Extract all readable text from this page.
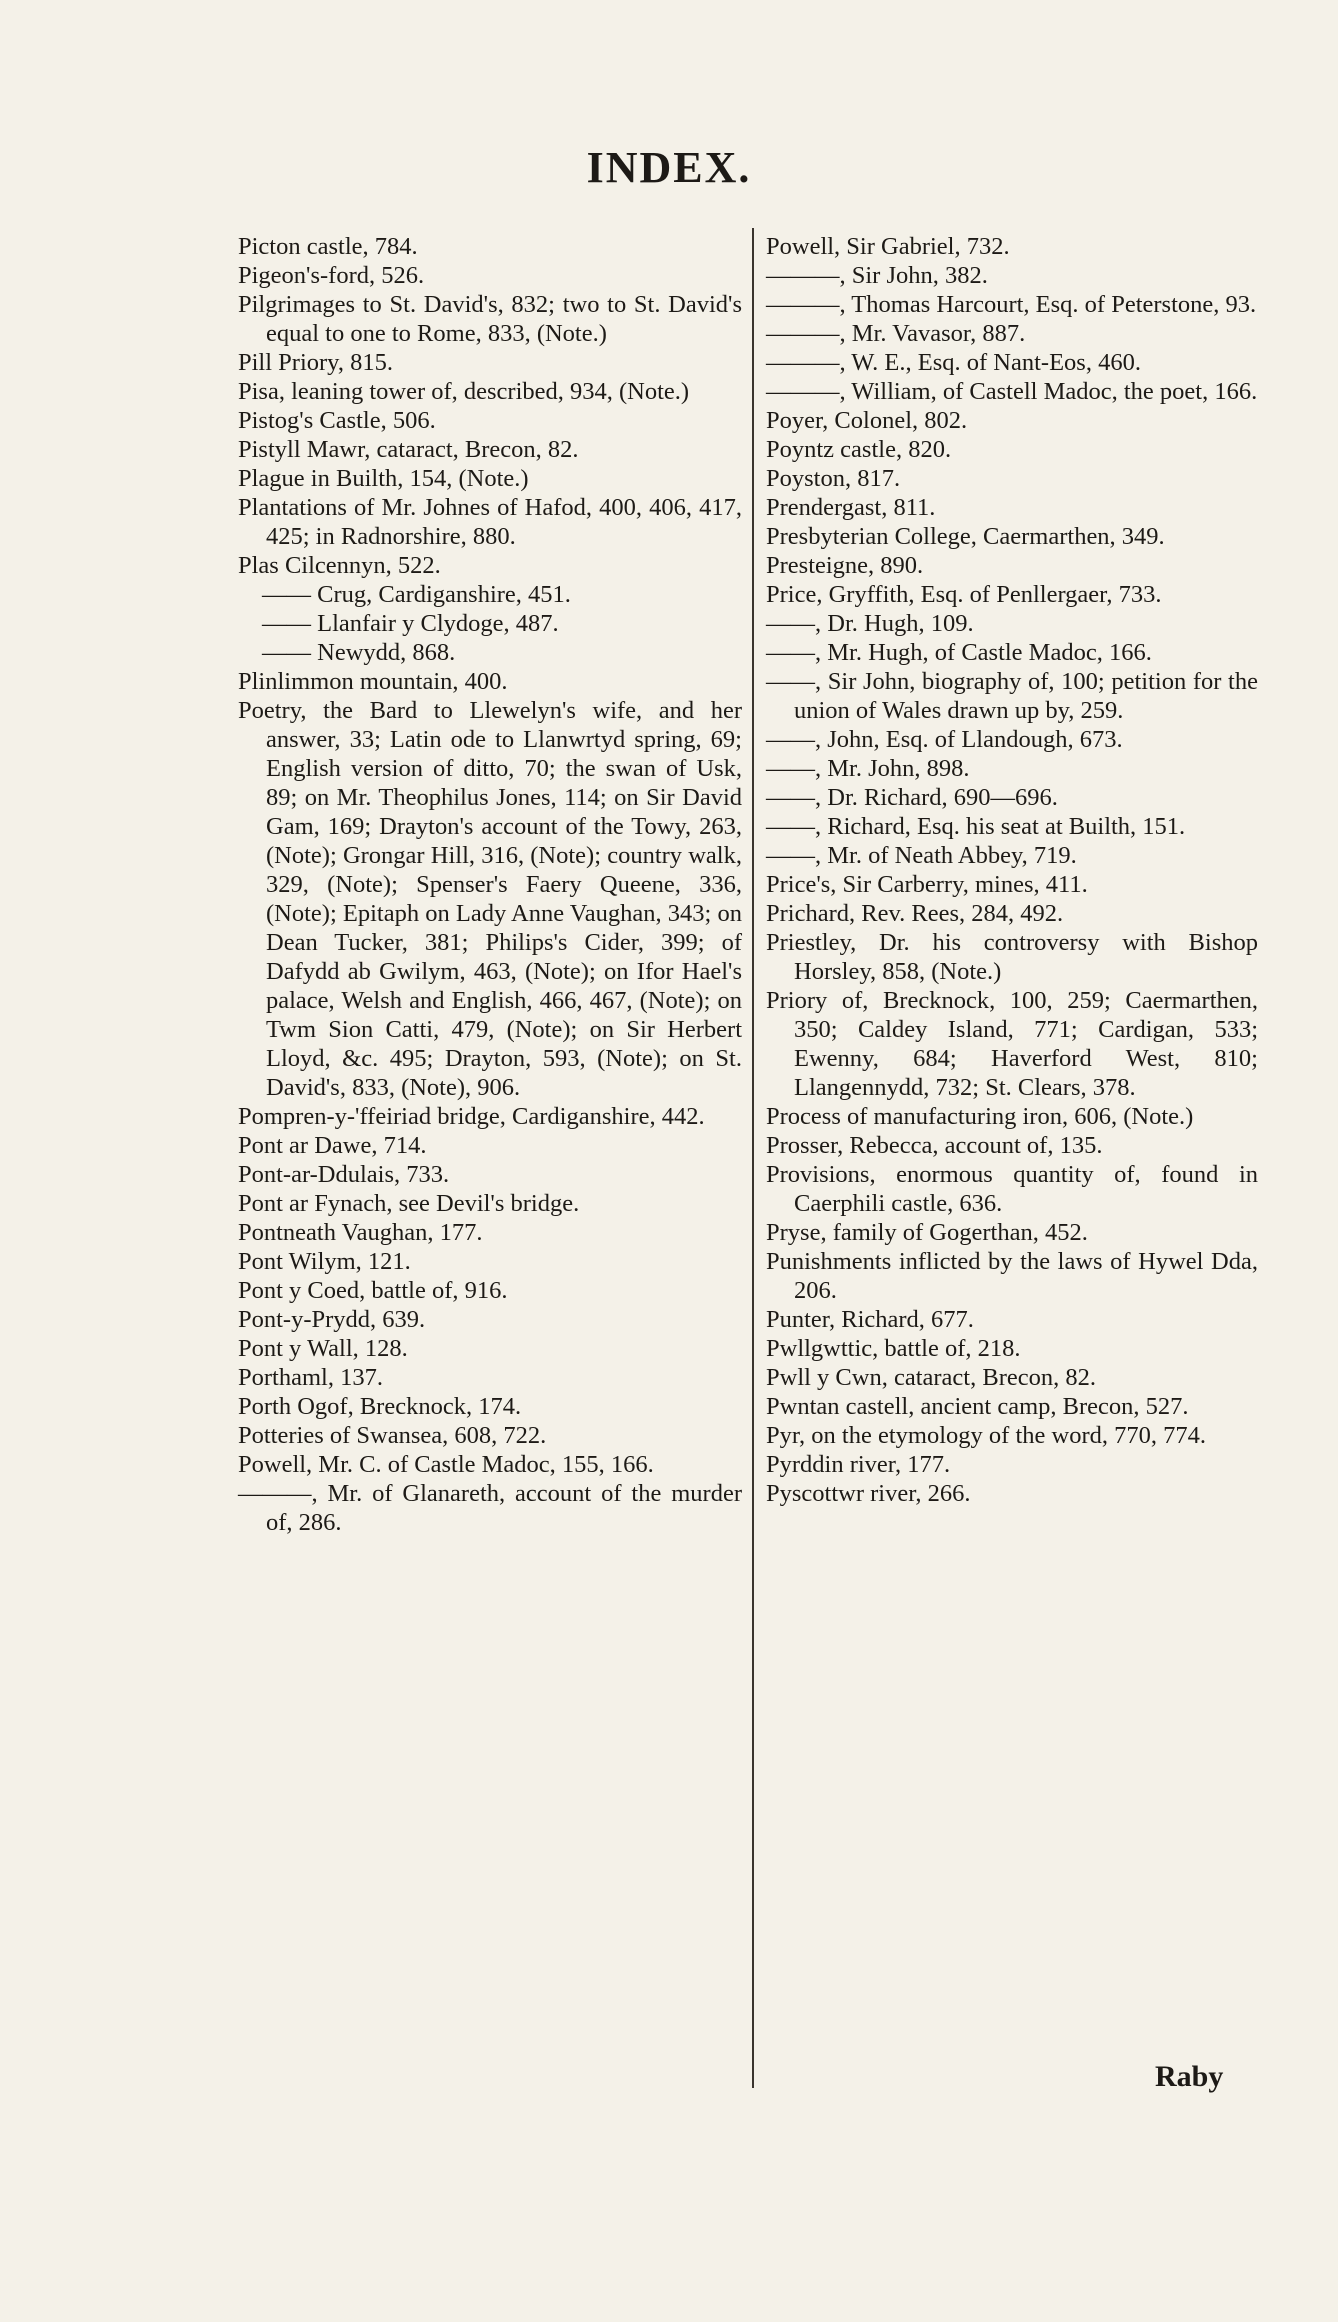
INDEX.

Picton castle, 784.

Pigeon's-ford, 526.

Pilgrimages to St. David's, 832; two to St. David's equal to one to Rome, 833, (Note.)

Pill Priory, 815.

Pisa, leaning tower of, described, 934, (Note.)

Pistog's Castle, 506.

Pistyll Mawr, cataract, Brecon, 82.

Plague in Builth, 154, (Note.)

Plantations of Mr. Johnes of Hafod, 400, 406, 417, 425; in Radnorshire, 880.

Plas Cilcennyn, 522.

—— Crug, Cardiganshire, 451.

—— Llanfair y Clydoge, 487.

—— Newydd, 868.

Plinlimmon mountain, 400.

Poetry, the Bard to Llewelyn's wife, and her answer, 33; Latin ode to Llanwrtyd spring, 69; English version of ditto, 70; the swan of Usk, 89; on Mr. Theophilus Jones, 114; on Sir David Gam, 169; Drayton's account of the Towy, 263, (Note); Grongar Hill, 316, (Note); country walk, 329, (Note); Spenser's Faery Queene, 336, (Note); Epitaph on Lady Anne Vaughan, 343; on Dean Tucker, 381; Philips's Cider, 399; of Dafydd ab Gwilym, 463, (Note); on Ifor Hael's palace, Welsh and English, 466, 467, (Note); on Twm Sion Catti, 479, (Note); on Sir Herbert Lloyd, &c. 495; Drayton, 593, (Note); on St. David's, 833, (Note), 906.

Pompren-y-'ffeiriad bridge, Cardiganshire, 442.

Pont ar Dawe, 714.

Pont-ar-Ddulais, 733.

Pont ar Fynach, see Devil's bridge.

Pontneath Vaughan, 177.

Pont Wilym, 121.

Pont y Coed, battle of, 916.

Pont-y-Prydd, 639.

Pont y Wall, 128.

Porthaml, 137.

Porth Ogof, Brecknock, 174.

Potteries of Swansea, 608, 722.

Powell, Mr. C. of Castle Madoc, 155, 166.

———, Mr. of Glanareth, account of the murder of, 286.

Powell, Sir Gabriel, 732.

———, Sir John, 382.

———, Thomas Harcourt, Esq. of Peterstone, 93.

———, Mr. Vavasor, 887.

———, W. E., Esq. of Nant-Eos, 460.

———, William, of Castell Madoc, the poet, 166.

Poyer, Colonel, 802.

Poyntz castle, 820.

Poyston, 817.

Prendergast, 811.

Presbyterian College, Caermarthen, 349.

Presteigne, 890.

Price, Gryffith, Esq. of Penllergaer, 733.

——, Dr. Hugh, 109.

——, Mr. Hugh, of Castle Madoc, 166.

——, Sir John, biography of, 100; petition for the union of Wales drawn up by, 259.

——, John, Esq. of Llandough, 673.

——, Mr. John, 898.

——, Dr. Richard, 690—696.

——, Richard, Esq. his seat at Builth, 151.

——, Mr. of Neath Abbey, 719.

Price's, Sir Carberry, mines, 411.

Prichard, Rev. Rees, 284, 492.

Priestley, Dr. his controversy with Bishop Horsley, 858, (Note.)

Priory of, Brecknock, 100, 259; Caermarthen, 350; Caldey Island, 771; Cardigan, 533; Ewenny, 684; Haverford West, 810; Llangennydd, 732; St. Clears, 378.

Process of manufacturing iron, 606, (Note.)

Prosser, Rebecca, account of, 135.

Provisions, enormous quantity of, found in Caerphili castle, 636.

Pryse, family of Gogerthan, 452.

Punishments inflicted by the laws of Hywel Dda, 206.

Punter, Richard, 677.

Pwllgwttic, battle of, 218.

Pwll y Cwn, cataract, Brecon, 82.

Pwntan castell, ancient camp, Brecon, 527.

Pyr, on the etymology of the word, 770, 774.

Pyrddin river, 177.

Pyscottwr river, 266.

Raby
